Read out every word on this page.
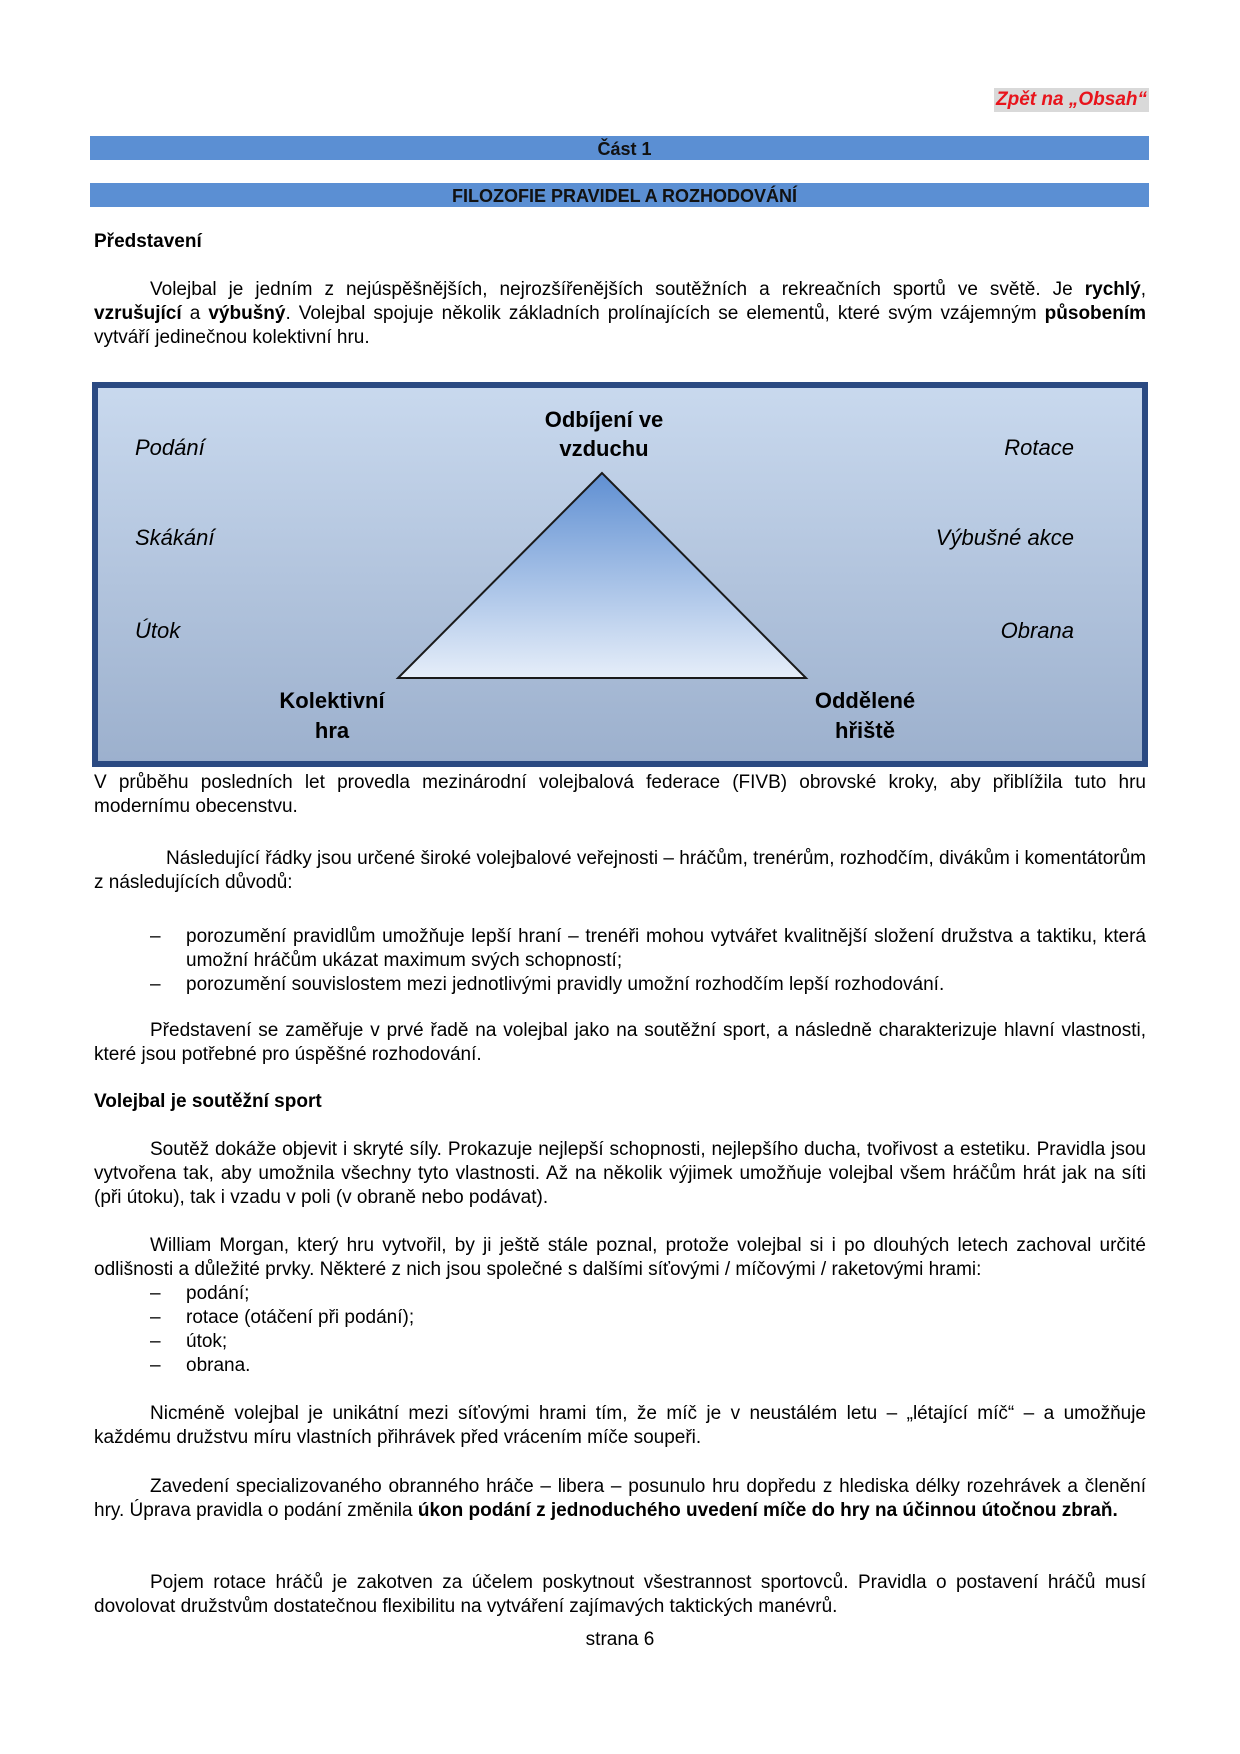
Zpět na „Obsah“
Část 1
FILOZOFIE PRAVIDEL A ROZHODOVÁNÍ
Představení
Volejbal je jedním z nejúspěšnějších, nejrozšířenějších soutěžních a rekreačních sportů ve světě. Je rychlý, vzrušující a výbušný. Volejbal spojuje několik základních prolínajících se elementů, které svým vzájemným působením vytváří jedinečnou kolektivní hru.
Odbíjení ve
vzduchu
Kolektivní
hra
Oddělené
hřiště
Podání
Skákání
Útok
Rotace
Výbušné akce
Obrana
V průběhu posledních let provedla mezinárodní volejbalová federace (FIVB) obrovské kroky, aby přiblížila tuto hru modernímu obecenstvu.
Následující řádky jsou určené široké volejbalové veřejnosti – hráčům, trenérům, rozhodčím, divákům i komentátorům z následujících důvodů:
– porozumění pravidlům umožňuje lepší hraní – trenéři mohou vytvářet kvalitnější složení družstva a taktiku, která umožní hráčům ukázat maximum svých schopností;
– porozumění souvislostem mezi jednotlivými pravidly umožní rozhodčím lepší rozhodování.
Představení se zaměřuje v prvé řadě na volejbal jako na soutěžní sport, a následně charakterizuje hlavní vlastnosti, které jsou potřebné pro úspěšné rozhodování.
Volejbal je soutěžní sport
Soutěž dokáže objevit i skryté síly. Prokazuje nejlepší schopnosti, nejlepšího ducha, tvořivost a estetiku. Pravidla jsou vytvořena tak, aby umožnila všechny tyto vlastnosti. Až na několik výjimek umožňuje volejbal všem hráčům hrát jak na síti (při útoku), tak i vzadu v poli (v obraně nebo podávat).
William Morgan, který hru vytvořil, by ji ještě stále poznal, protože volejbal si i po dlouhých letech zachoval určité odlišnosti a důležité prvky. Některé z nich jsou společné s dalšími síťovými / míčovými / raketovými hrami:
– podání;
– rotace (otáčení při podání);
– útok;
– obrana.
Nicméně volejbal je unikátní mezi síťovými hrami tím, že míč je v neustálém letu – „létající míč“ – a umožňuje každému družstvu míru vlastních přihrávek před vrácením míče soupeři.
Zavedení specializovaného obranného hráče – libera – posunulo hru dopředu z hlediska délky rozehrávek a členění hry. Úprava pravidla o podání změnila úkon podání z jednoduchého uvedení míče do hry na účinnou útočnou zbraň.
Pojem rotace hráčů je zakotven za účelem poskytnout všestrannost sportovců. Pravidla o postavení hráčů musí dovolovat družstvům dostatečnou flexibilitu na vytváření zajímavých taktických manévrů.
strana 6
